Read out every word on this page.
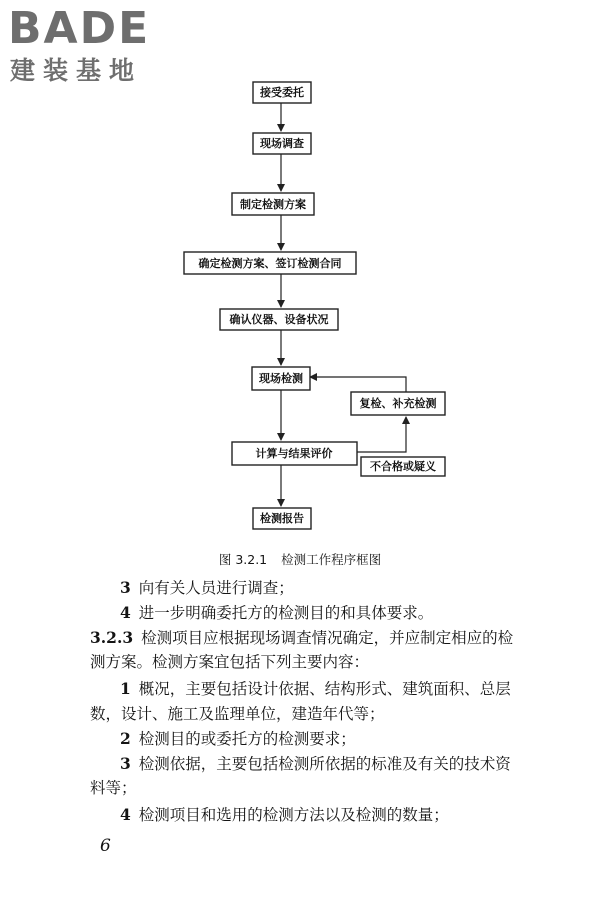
BADE
建装基地
接受委托
现场调查
制定检测方案
确定检测方案、签订检测合同
确认仪器、设备状况
现场检测
计算与结果评价
检测报告
复检、补充检测
不合格或疑义
图 3.2.1 检测工作程序框图
3 向有关人员进行调查；
4 进一步明确委托方的检测目的和具体要求。
3.2.3 检测项目应根据现场调查情况确定，并应制定相应的检
测方案。检测方案宜包括下列主要内容：
1 概况，主要包括设计依据、结构形式、建筑面积、总层
数，设计、施工及监理单位，建造年代等；
2 检测目的或委托方的检测要求；
3 检测依据，主要包括检测所依据的标准及有关的技术资
料等；
4 检测项目和选用的检测方法以及检测的数量；
6
